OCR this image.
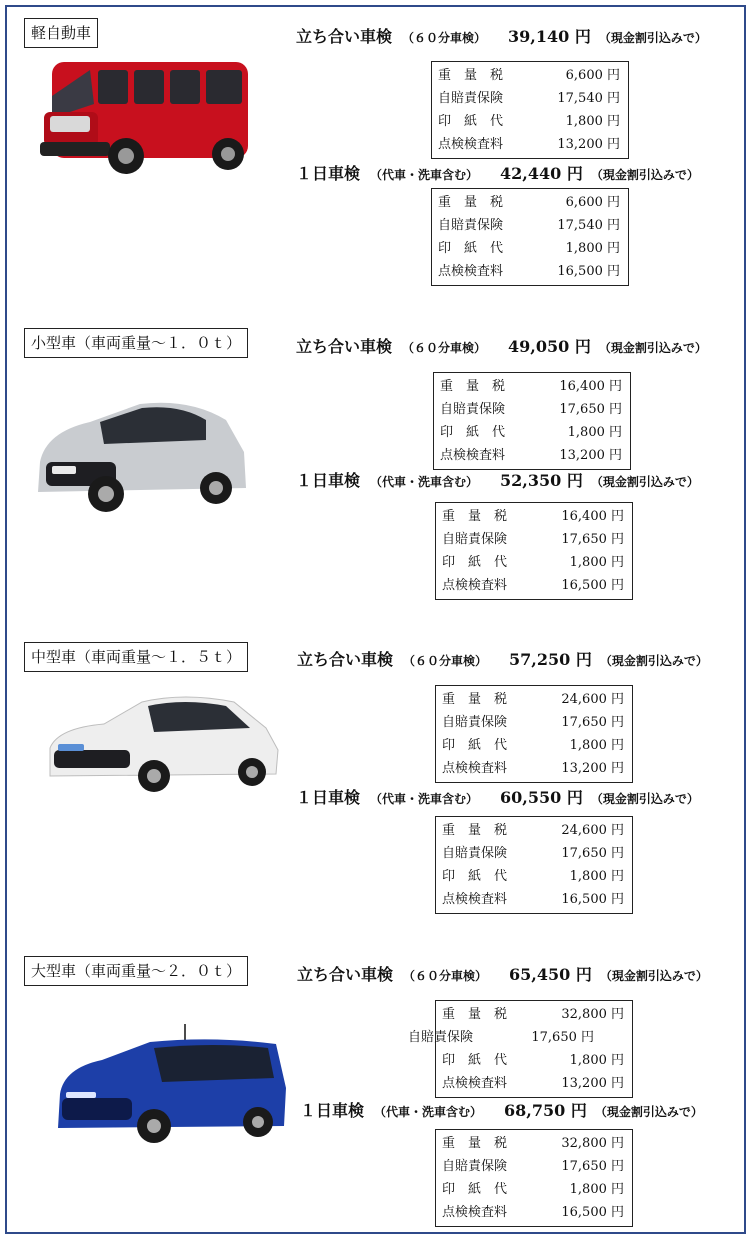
軽自動車	立ち合い車検 （６０分車検） 39,140 円 （現金割引込みで）
重　量　税	6,600 円
自賠責保険	17,540 円
印　紙　代	1,800 円
点検検査料	13,200 円
１日車検 （代車・洗車含む） 42,440 円 （現金割引込みで）
重　量　税	6,600 円
自賠責保険	17,540 円
印　紙　代	1,800 円
点検検査料	16,500 円
小型車（車両重量～１．０ｔ）	立ち合い車検 （６０分車検） 49,050 円 （現金割引込みで）
重　量　税	16,400 円
自賠責保険	17,650 円
印　紙　代	1,800 円
点検検査料	13,200 円
１日車検 （代車・洗車含む） 52,350 円 （現金割引込みで）
重　量　税	16,400 円
自賠責保険	17,650 円
印　紙　代	1,800 円
点検検査料	16,500 円
中型車（車両重量～１．５ｔ）	立ち合い車検 （６０分車検） 57,250 円 （現金割引込みで）
重　量　税	24,600 円
自賠責保険	17,650 円
印　紙　代	1,800 円
点検検査料	13,200 円
１日車検 （代車・洗車含む） 60,550 円 （現金割引込みで）
重　量　税	24,600 円
自賠責保険	17,650 円
印　紙　代	1,800 円
点検検査料	16,500 円
大型車（車両重量～２．０ｔ）	立ち合い車検 （６０分車検） 65,450 円 （現金割引込みで）
重　量　税	32,800 円
自賠責保険	17,650 円
印　紙　代	1,800 円
点検検査料	13,200 円
１日車検 （代車・洗車含む） 68,750 円 （現金割引込みで）
重　量　税	32,800 円
自賠責保険	17,650 円
印　紙　代	1,800 円
点検検査料	16,500 円
